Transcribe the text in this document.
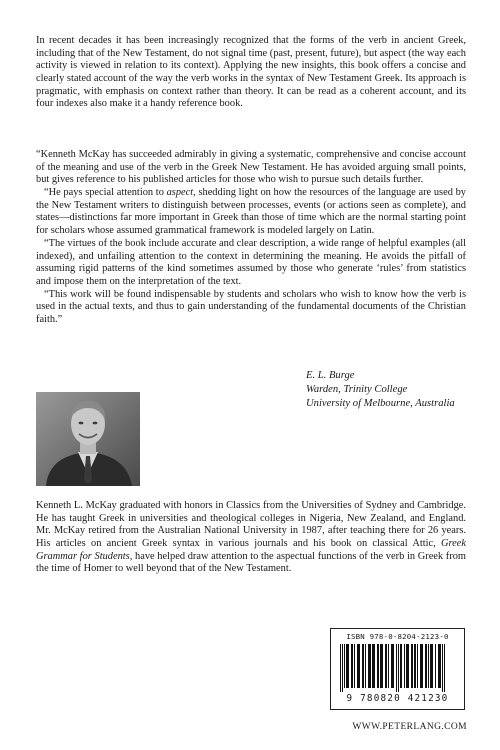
In recent decades it has been increasingly recognized that the forms of the verb in ancient Greek, including that of the New Testament, do not signal time (past, present, future), but aspect (the way each activity is viewed in relation to its context). Applying the new insights, this book offers a concise and clearly stated account of the way the verb works in the syntax of New Testament Greek. Its approach is pragmatic, with emphasis on context rather than theory. It can be read as a coherent account, and its four indexes also make it a handy reference book.

“Kenneth McKay has succeeded admirably in giving a systematic, comprehensive and concise account of the meaning and use of the verb in the Greek New Testament. He has avoided arguing small points, but gives reference to his published articles for those who wish to pursue such details further.

“He pays special attention to aspect, shedding light on how the resources of the language are used by the New Testament writers to distinguish between processes, events (or actions seen as complete), and states—distinctions far more important in Greek than those of time which are the normal starting point for scholars whose assumed grammatical framework is modeled largely on Latin.

“The virtues of the book include accurate and clear description, a wide range of helpful examples (all indexed), and unfailing attention to the context in determining the meaning. He avoids the pitfall of assuming rigid patterns of the kind sometimes assumed by those who generate ‘rules’ from statistics and impose them on the interpretation of the text.

“This work will be found indispensable by students and scholars who wish to know how the verb is used in the actual texts, and thus to gain understanding of the fundamental documents of the Christian faith.”

E. L. Burge
Warden, Trinity College
University of Melbourne, Australia
Kenneth L. McKay graduated with honors in Classics from the Universities of Sydney and Cambridge. He has taught Greek in universities and theological colleges in Nigeria, New Zealand, and England. Mr. McKay retired from the Australian National University in 1987, after teaching there for 26 years. His articles on ancient Greek syntax in various journals and his book on classical Attic, Greek Grammar for Students, have helped draw attention to the aspectual functions of the verb in Greek from the time of Homer to well beyond that of the New Testament.
ISBN 978-0-8204-2123-0
9 780820 421230
WWW.PETERLANG.COM
